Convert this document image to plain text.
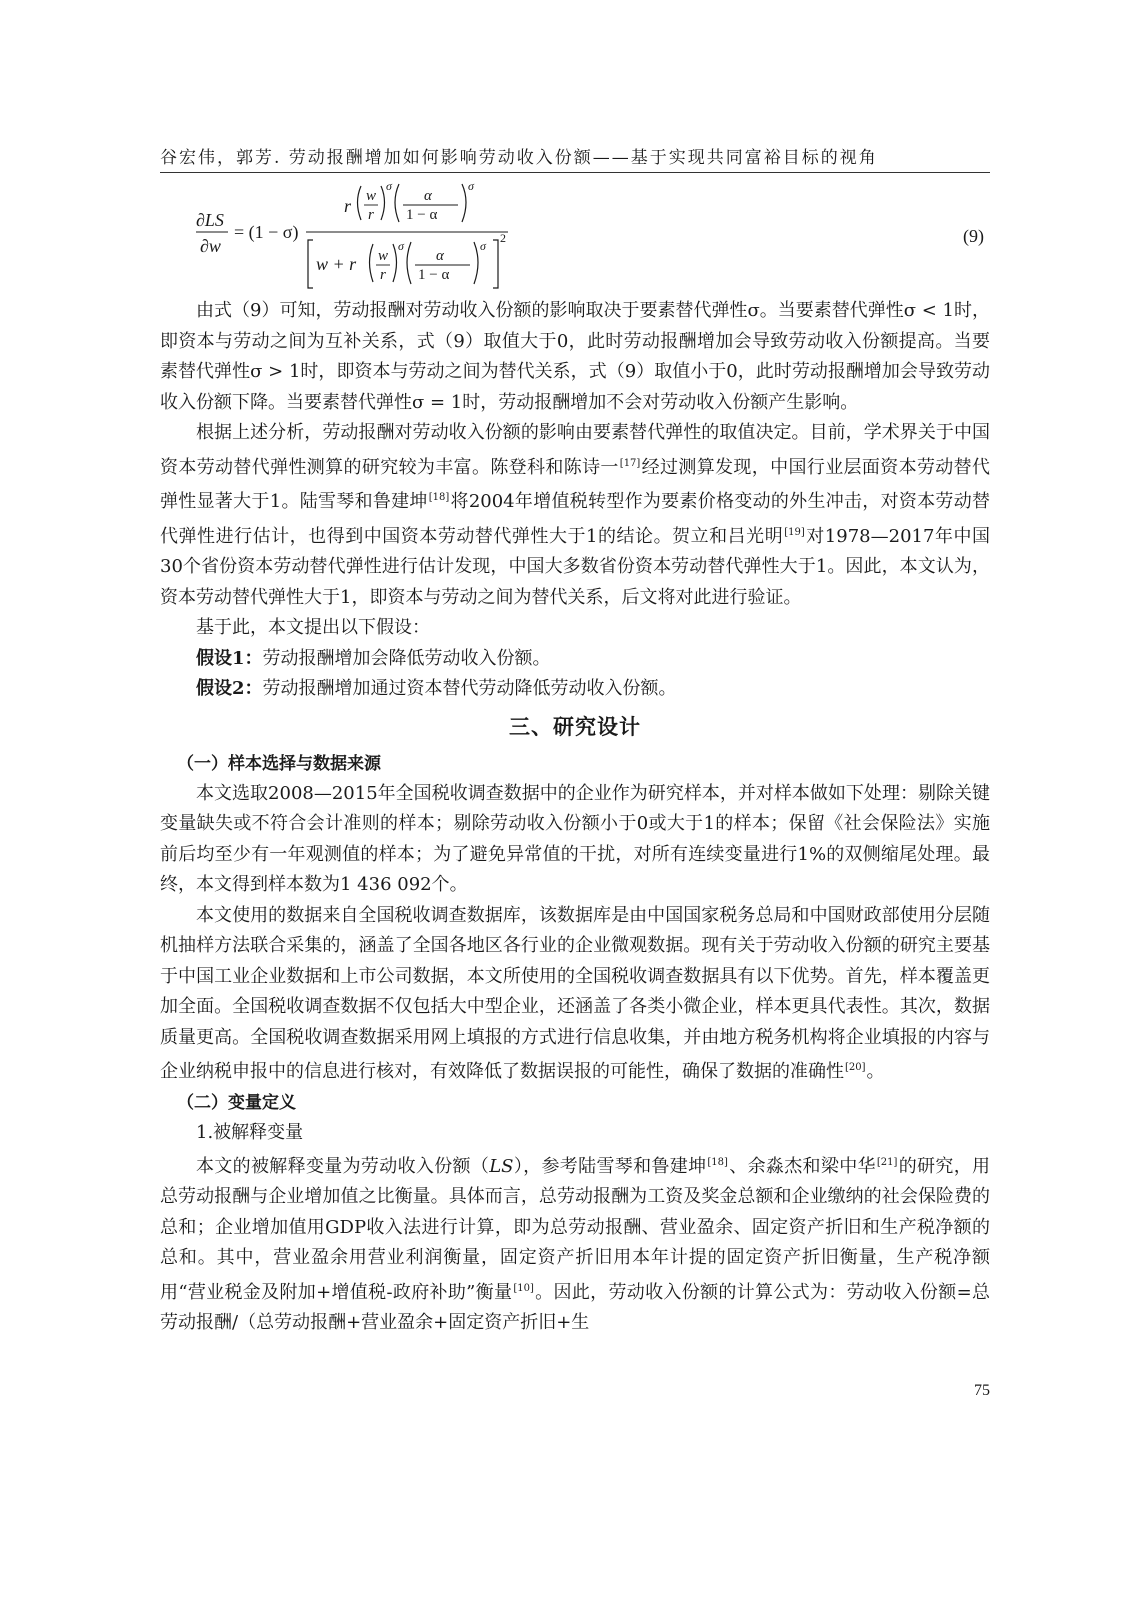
谷宏伟，郭芳. 劳动报酬增加如何影响劳动收入份额——基于实现共同富裕目标的视角
∂LS
∂w
= (1 − σ)
r w
r
σ
α
1 − α
σ
w + r w
r
σ
α
1 − α
σ
2	(9)

由式（9）可知，劳动报酬对劳动收入份额的影响取决于要素替代弹性σ。当要素替代弹性σ < 1时，即资本与劳动之间为互补关系，式（9）取值大于0，此时劳动报酬增加会导致劳动收入份额提高。当要素替代弹性σ > 1时，即资本与劳动之间为替代关系，式（9）取值小于0，此时劳动报酬增加会导致劳动收入份额下降。当要素替代弹性σ = 1时，劳动报酬增加不会对劳动收入份额产生影响。

根据上述分析，劳动报酬对劳动收入份额的影响由要素替代弹性的取值决定。目前，学术界关于中国资本劳动替代弹性测算的研究较为丰富。陈登科和陈诗一[17]经过测算发现，中国行业层面资本劳动替代弹性显著大于1。陆雪琴和鲁建坤[18]将2004年增值税转型作为要素价格变动的外生冲击，对资本劳动替代弹性进行估计，也得到中国资本劳动替代弹性大于1的结论。贺立和吕光明[19]对1978—2017年中国30个省份资本劳动替代弹性进行估计发现，中国大多数省份资本劳动替代弹性大于1。因此，本文认为，资本劳动替代弹性大于1，即资本与劳动之间为替代关系，后文将对此进行验证。

基于此，本文提出以下假设：

假设1：劳动报酬增加会降低劳动收入份额。

假设2：劳动报酬增加通过资本替代劳动降低劳动收入份额。

三、研究设计

（一）样本选择与数据来源

本文选取2008—2015年全国税收调查数据中的企业作为研究样本，并对样本做如下处理：剔除关键变量缺失或不符合会计准则的样本；剔除劳动收入份额小于0或大于1的样本；保留《社会保险法》实施前后均至少有一年观测值的样本；为了避免异常值的干扰，对所有连续变量进行1%的双侧缩尾处理。最终，本文得到样本数为1 436 092个。

本文使用的数据来自全国税收调查数据库，该数据库是由中国国家税务总局和中国财政部使用分层随机抽样方法联合采集的，涵盖了全国各地区各行业的企业微观数据。现有关于劳动收入份额的研究主要基于中国工业企业数据和上市公司数据，本文所使用的全国税收调查数据具有以下优势。首先，样本覆盖更加全面。全国税收调查数据不仅包括大中型企业，还涵盖了各类小微企业，样本更具代表性。其次，数据质量更高。全国税收调查数据采用网上填报的方式进行信息收集，并由地方税务机构将企业填报的内容与企业纳税申报中的信息进行核对，有效降低了数据误报的可能性，确保了数据的准确性[20]。

（二）变量定义

1.被解释变量

本文的被解释变量为劳动收入份额（LS），参考陆雪琴和鲁建坤[18]、余淼杰和梁中华[21]的研究，用总劳动报酬与企业增加值之比衡量。具体而言，总劳动报酬为工资及奖金总额和企业缴纳的社会保险费的总和；企业增加值用GDP收入法进行计算，即为总劳动报酬、营业盈余、固定资产折旧和生产税净额的总和。其中，营业盈余用营业利润衡量，固定资产折旧用本年计提的固定资产折旧衡量，生产税净额用“营业税金及附加+增值税-政府补助”衡量[10]。因此，劳动收入份额的计算公式为：劳动收入份额=总劳动报酬/（总劳动报酬+营业盈余+固定资产折旧+生

75
